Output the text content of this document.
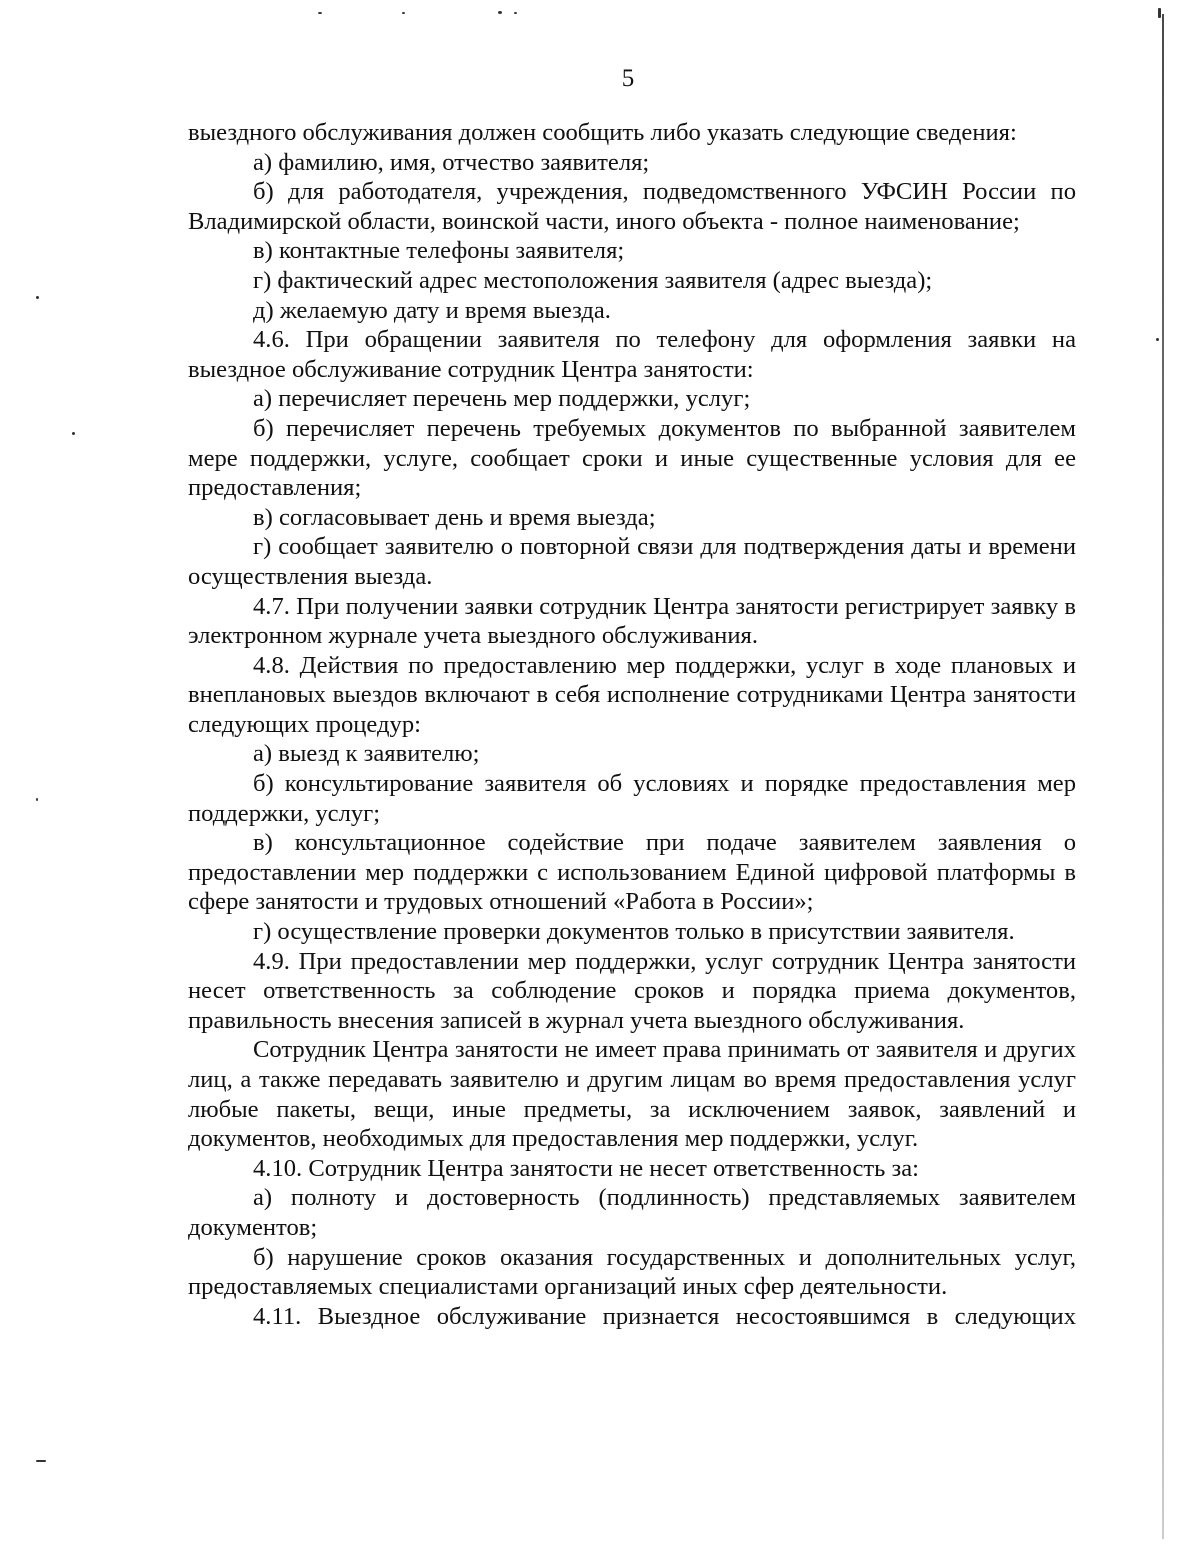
5

выездного обслуживания должен сообщить либо указать следующие сведения:

а) фамилию, имя, отчество заявителя;

б) для работодателя, учреждения, подведомственного УФСИН России по Владимирской области, воинской части, иного объекта - полное наименование;

в) контактные телефоны заявителя;

г) фактический адрес местоположения заявителя (адрес выезда);

д) желаемую дату и время выезда.

4.6. При обращении заявителя по телефону для оформления заявки на выездное обслуживание сотрудник Центра занятости:

а) перечисляет перечень мер поддержки, услуг;

б) перечисляет перечень требуемых документов по выбранной заявителем мере поддержки, услуге, сообщает сроки и иные существенные условия для ее предоставления;

в) согласовывает день и время выезда;

г) сообщает заявителю о повторной связи для подтверждения даты и времени осуществления выезда.

4.7. При получении заявки сотрудник Центра занятости регистрирует заявку в электронном журнале учета выездного обслуживания.

4.8. Действия по предоставлению мер поддержки, услуг в ходе плановых и внеплановых выездов включают в себя исполнение сотрудниками Центра занятости следующих процедур:

а) выезд к заявителю;

б) консультирование заявителя об условиях и порядке предоставления мер поддержки, услуг;

в) консультационное содействие при подаче заявителем заявления о предоставлении мер поддержки с использованием Единой цифровой платформы в сфере занятости и трудовых отношений «Работа в России»;

г) осуществление проверки документов только в присутствии заявителя.

4.9. При предоставлении мер поддержки, услуг сотрудник Центра занятости несет ответственность за соблюдение сроков и порядка приема документов, правильность внесения записей в журнал учета выездного обслуживания.

Сотрудник Центра занятости не имеет права принимать от заявителя и других лиц, а также передавать заявителю и другим лицам во время предоставления услуг любые пакеты, вещи, иные предметы, за исключением заявок, заявлений и документов, необходимых для предоставления мер поддержки, услуг.

4.10. Сотрудник Центра занятости не несет ответственность за:

а) полноту и достоверность (подлинность) представляемых заявителем документов;

б) нарушение сроков оказания государственных и дополнительных услуг, предоставляемых специалистами организаций иных сфер деятельности.

4.11. Выездное обслуживание признается несостоявшимся в следующих
